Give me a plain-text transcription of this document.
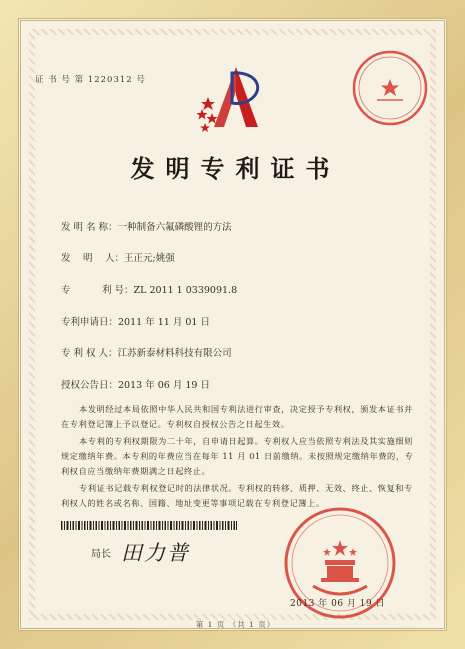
证 书 号 第 1220312 号
发明专利证书
发 明 名 称：一种制备六氟磷酸锂的方法
发　 明　 人：王正元;姚强
专　　　 利 号：ZL 2011 1 0339091.8
专利申请日：2011 年 11 月 01 日
专 利 权 人：江苏新泰材料科技有限公司
授权公告日：2013 年 06 月 19 日
本发明经过本局依照中华人民共和国专利法进行审查，决定授予专利权，颁发本证书并在专利登记簿上予以登记。专利权自授权公告之日起生效。
本专利的专利权期限为二十年，自申请日起算。专利权人应当依照专利法及其实施细则规定缴纳年费。本专利的年费应当在每年 11 月 01 日前缴纳。未按照规定缴纳年费的，专利权自应当缴纳年费期满之日起终止。
专利证书记载专利权登记时的法律状况。专利权的转移、质押、无效、终止、恢复和专利权人的姓名或名称、国籍、地址变更等事项记载在专利登记簿上。
局长 田力普
2013 年 06 月 19 日
第 1 页 （共 1 页）
